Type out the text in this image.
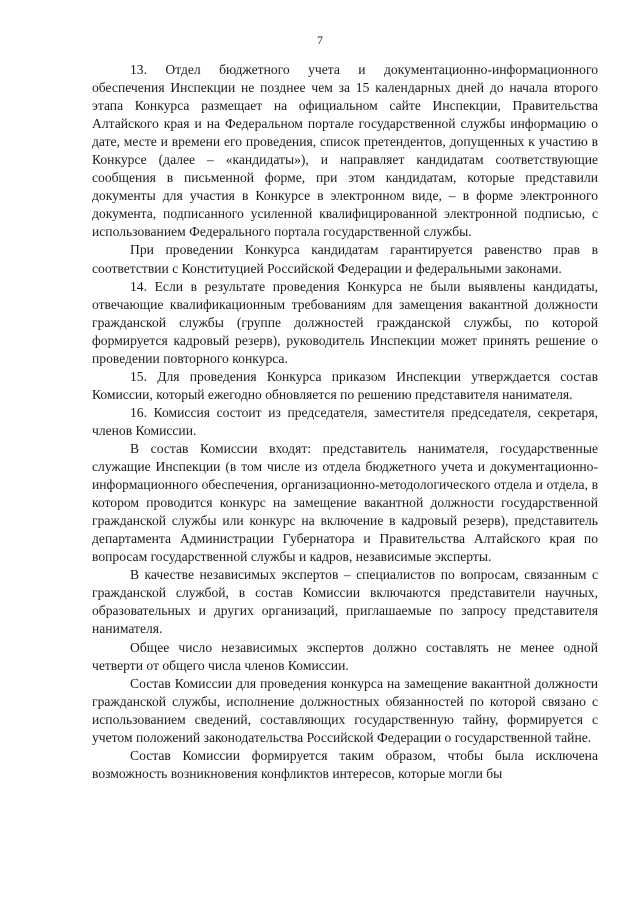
7

13. Отдел бюджетного учета и документационно-информационного обеспечения Инспекции не позднее чем за 15 календарных дней до начала второго этапа Конкурса размещает на официальном сайте Инспекции, Правительства Алтайского края и на Федеральном портале государственной службы информацию о дате, месте и времени его проведения, список претендентов, допущенных к участию в Конкурсе (далее – «кандидаты»), и направляет кандидатам соответствующие сообщения в письменной форме, при этом кандидатам, которые представили документы для участия в Конкурсе в электронном виде, – в форме электронного документа, подписанного усиленной квалифицированной электронной подписью, с использованием Федерального портала государственной службы.

При проведении Конкурса кандидатам гарантируется равенство прав в соответствии с Конституцией Российской Федерации и федеральными законами.

14. Если в результате проведения Конкурса не были выявлены кандидаты, отвечающие квалификационным требованиям для замещения вакантной должности гражданской службы (группе должностей гражданской службы, по которой формируется кадровый резерв), руководитель Инспекции может принять решение о проведении повторного конкурса.

15. Для проведения Конкурса приказом Инспекции утверждается состав Комиссии, который ежегодно обновляется по решению представителя нанимателя.

16. Комиссия состоит из председателя, заместителя председателя, секретаря, членов Комиссии.

В состав Комиссии входят: представитель нанимателя, государственные служащие Инспекции (в том числе из отдела бюджетного учета и документационно-информационного обеспечения, организационно-методологического отдела и отдела, в котором проводится конкурс на замещение вакантной должности государственной гражданской службы или конкурс на включение в кадровый резерв), представитель департамента Администрации Губернатора и Правительства Алтайского края по вопросам государственной службы и кадров, независимые эксперты.

В качестве независимых экспертов – специалистов по вопросам, связанным с гражданской службой, в состав Комиссии включаются представители научных, образовательных и других организаций, приглашаемые по запросу представителя нанимателя.

Общее число независимых экспертов должно составлять не менее одной четверти от общего числа членов Комиссии.

Состав Комиссии для проведения конкурса на замещение вакантной должности гражданской службы, исполнение должностных обязанностей по которой связано с использованием сведений, составляющих государственную тайну, формируется с учетом положений законодательства Российской Федерации о государственной тайне.

Состав Комиссии формируется таким образом, чтобы была исключена возможность возникновения конфликтов интересов, которые могли бы
